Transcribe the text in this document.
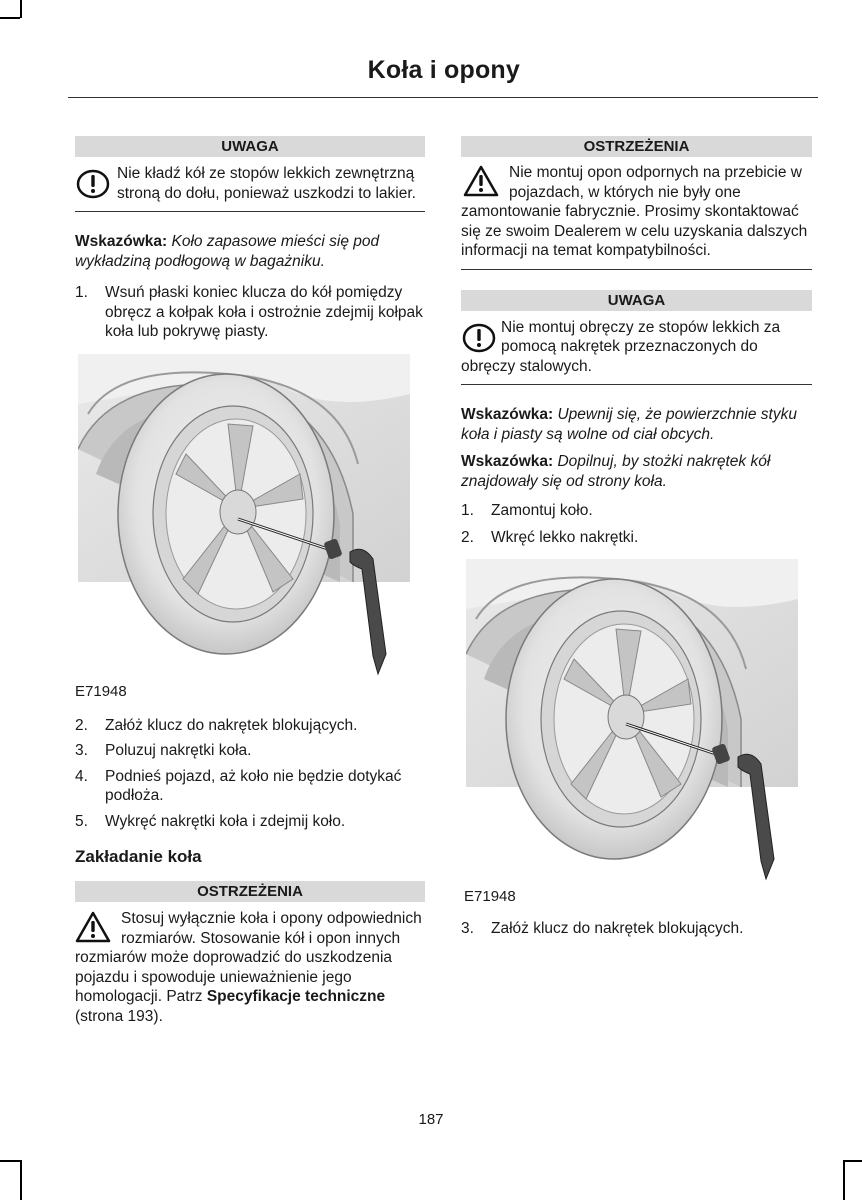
Koła i opony
UWAGA
Nie kładź kół ze stopów lekkich zewnętrzną stroną do dołu, ponieważ uszkodzi to lakier.

Wskazówka: Koło zapasowe mieści się pod wykładziną podłogową w bagażniku.

1. Wsuń płaski koniec klucza do kół pomiędzy obręcz a kołpak koła i ostrożnie zdejmij kołpak koła lub pokrywę piasty.
E71948
2. Załóż klucz do nakrętek blokujących.
3. Poluzuj nakrętki koła.
4. Podnieś pojazd, aż koło nie będzie dotykać podłoża.
5. Wykręć nakrętki koła i zdejmij koło.
Zakładanie koła
OSTRZEŻENIA
Stosuj wyłącznie koła i opony odpowiednich rozmiarów. Stosowanie kół i opon innych rozmiarów może doprowadzić do uszkodzenia pojazdu i spowoduje unieważnienie jego homologacji. Patrz Specyfikacje techniczne (strona 193).
OSTRZEŻENIA
Nie montuj opon odpornych na przebicie w pojazdach, w których nie były one zamontowanie fabrycznie. Prosimy skontaktować się ze swoim Dealerem w celu uzyskania dalszych informacji na temat kompatybilności.
UWAGA
Nie montuj obręczy ze stopów lekkich za pomocą nakrętek przeznaczonych do obręczy stalowych.

Wskazówka: Upewnij się, że powierzchnie styku koła i piasty są wolne od ciał obcych.

Wskazówka: Dopilnuj, by stożki nakrętek kół znajdowały się od strony koła.

1. Zamontuj koło.
2. Wkręć lekko nakrętki.
E71948
3. Załóż klucz do nakrętek blokujących.
187
